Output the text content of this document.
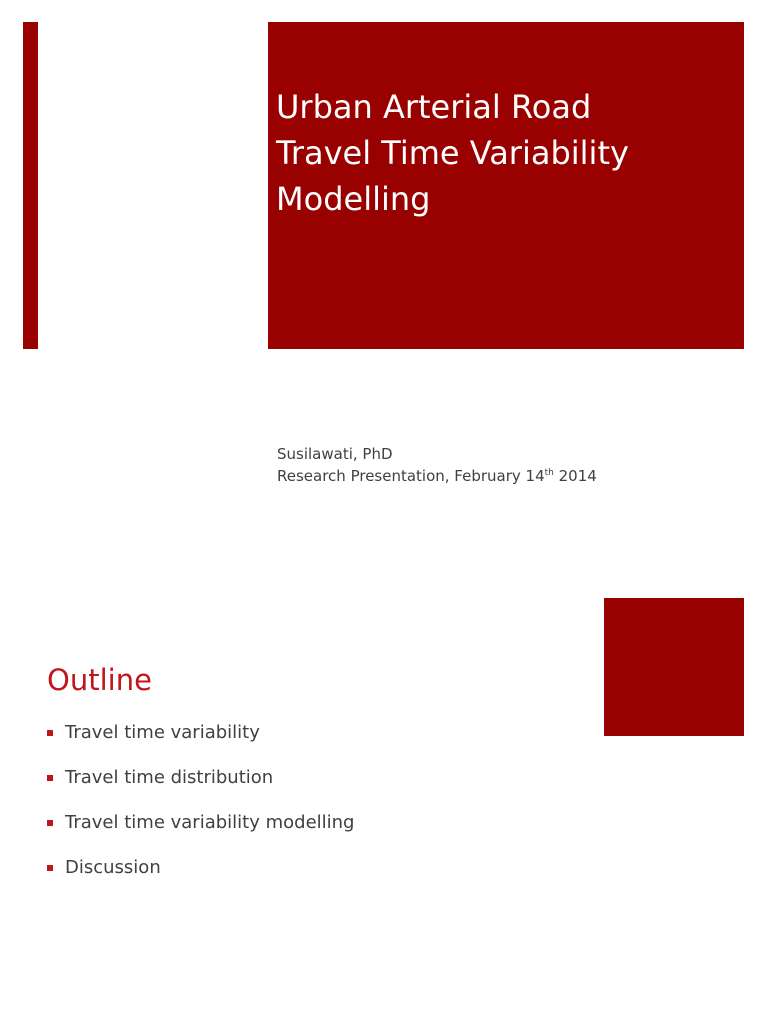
Urban Arterial Road
Travel Time Variability
Modelling
Susilawati, PhD
Research Presentation, February 14th 2014
Outline
Travel time variability
Travel time distribution
Travel time variability modelling
Discussion
